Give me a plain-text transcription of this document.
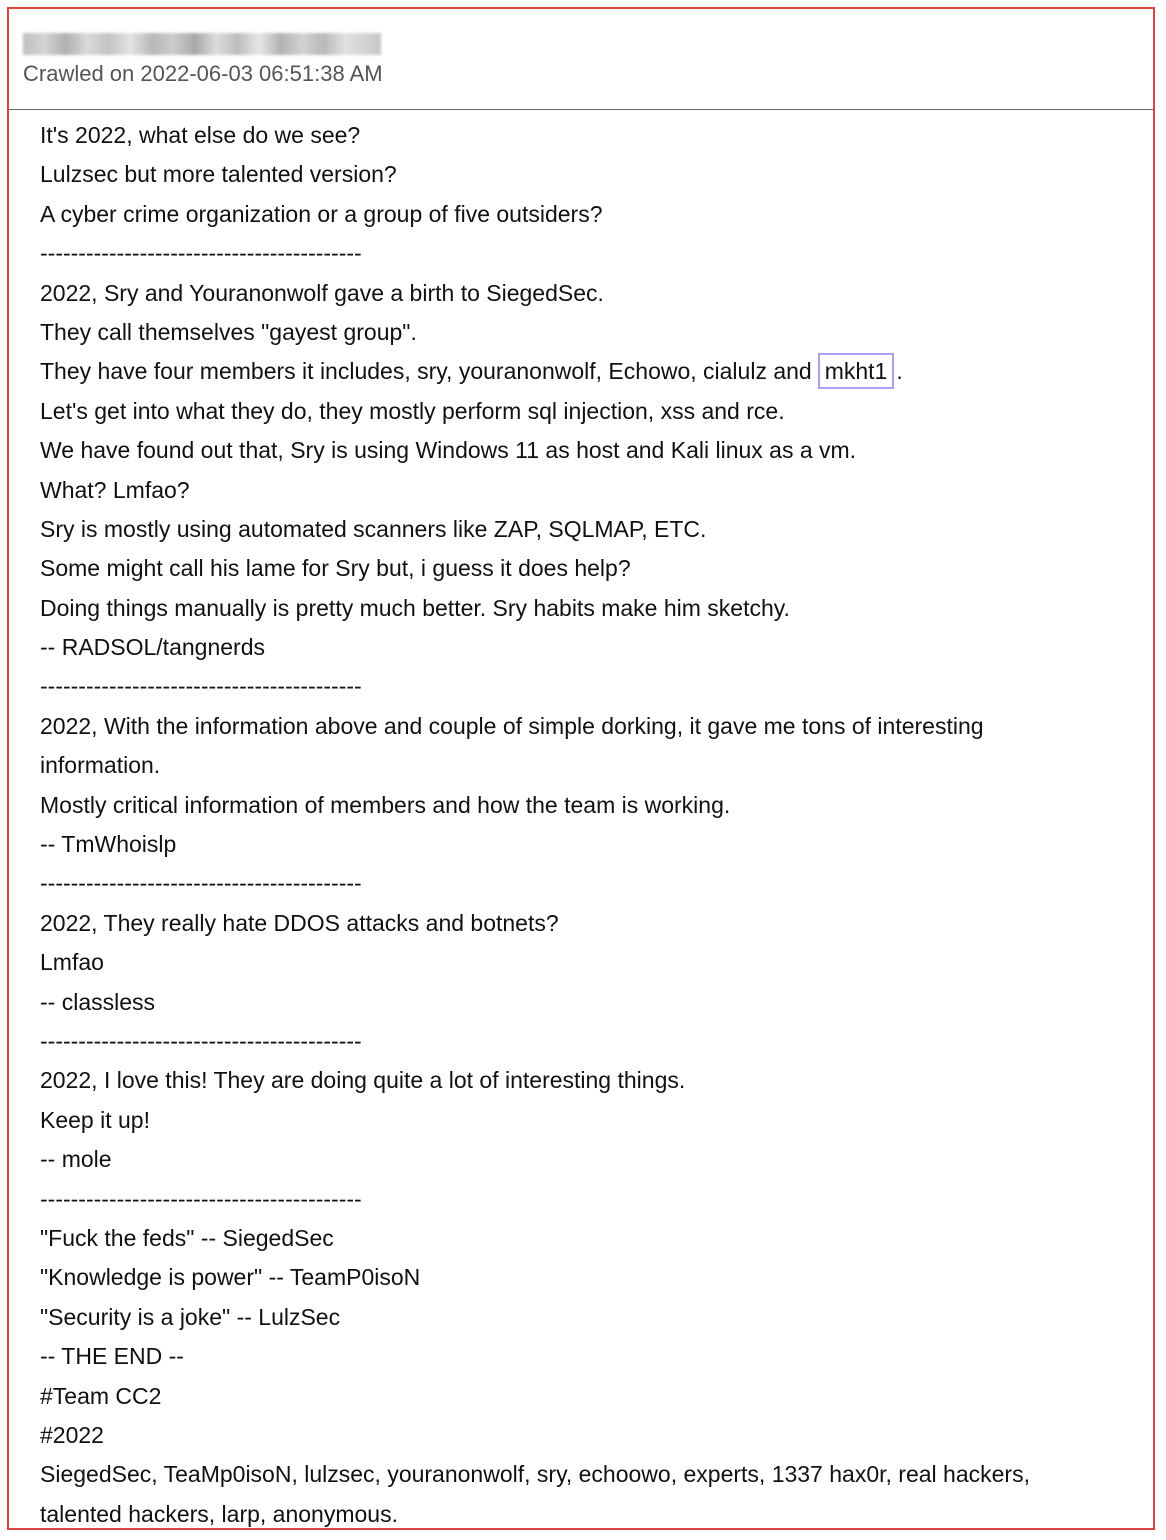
Crawled on 2022-06-03 06:51:38 AM
It's 2022, what else do we see?
Lulzsec but more talented version?
A cyber crime organization or a group of five outsiders?
------------------------------------------
2022, Sry and Youranonwolf gave a birth to SiegedSec.
They call themselves "gayest group".
They have four members it includes, sry, youranonwolf, Echowo, cialulz and mkht1 .
Let's get into what they do, they mostly perform sql injection, xss and rce.
We have found out that, Sry is using Windows 11 as host and Kali linux as a vm.
What? Lmfao?
Sry is mostly using automated scanners like ZAP, SQLMAP, ETC.
Some might call his lame for Sry but, i guess it does help?
Doing things manually is pretty much better. Sry habits make him sketchy.
-- RADSOL/tangnerds
------------------------------------------
2022, With the information above and couple of simple dorking, it gave me tons of interesting
information.
Mostly critical information of members and how the team is working.
-- TmWhoislp
------------------------------------------
2022, They really hate DDOS attacks and botnets?
Lmfao
-- classless
------------------------------------------
2022, I love this! They are doing quite a lot of interesting things.
Keep it up!
-- mole
------------------------------------------
"Fuck the feds" -- SiegedSec
"Knowledge is power" -- TeamP0isoN
"Security is a joke" -- LulzSec
-- THE END --
#Team CC2
#2022
SiegedSec, TeaMp0isoN, lulzsec, youranonwolf, sry, echoowo, experts, 1337 hax0r, real hackers,
talented hackers, larp, anonymous.
